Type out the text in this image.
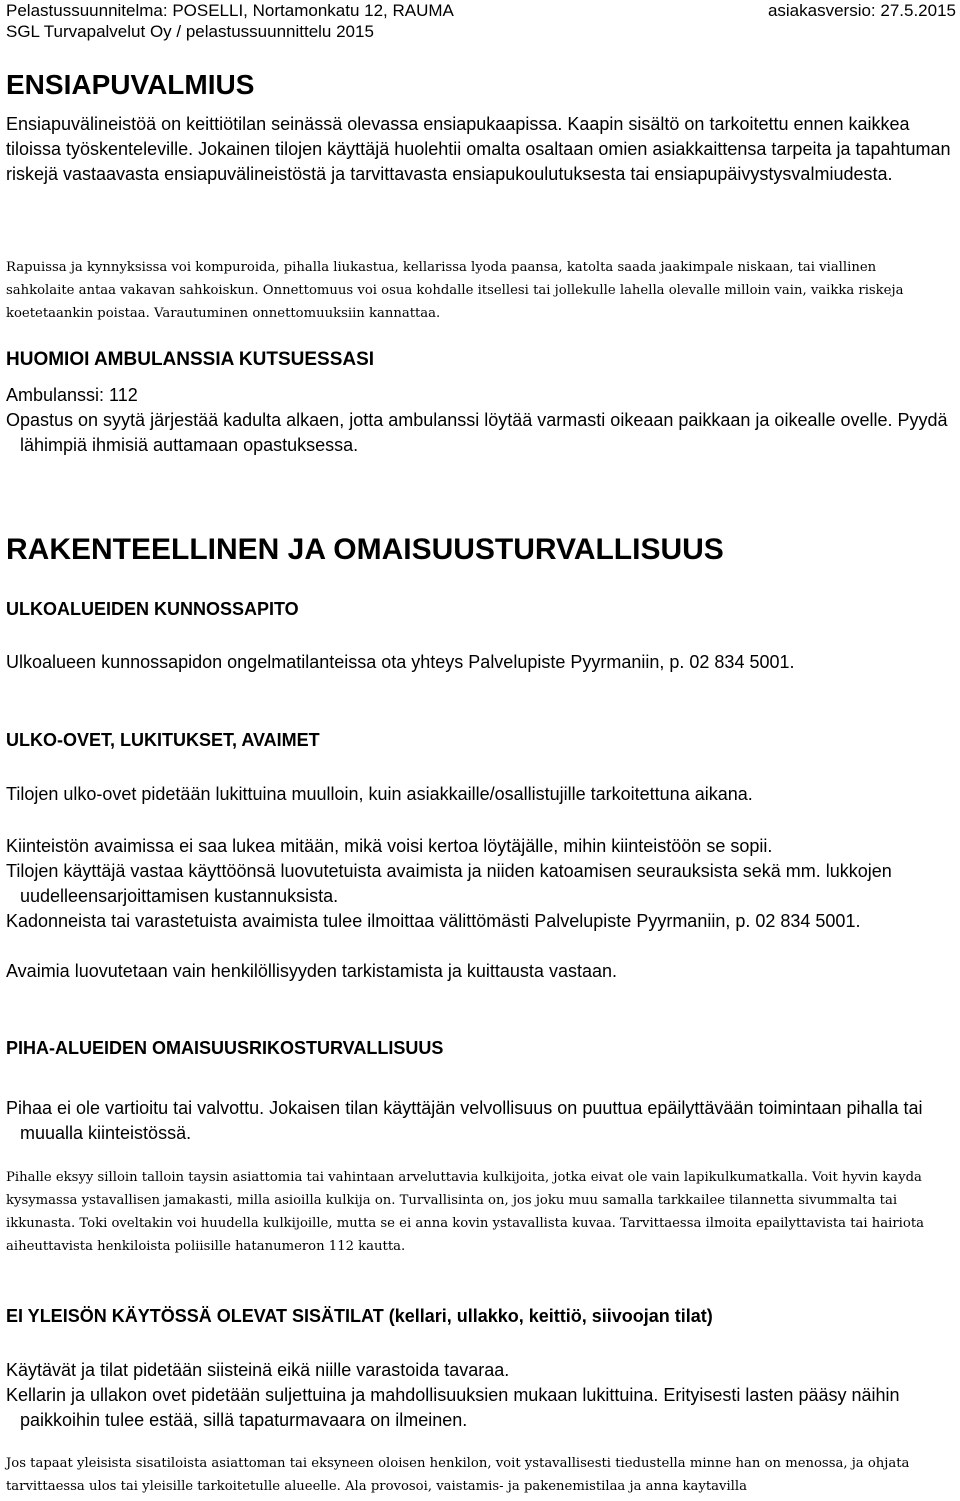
Pelastussuunnitelma: POSELLI, Nortamonkatu 12, RAUMA	asiakasversio: 27.5.2015
SGL Turvapalvelut Oy / pelastussuunnittelu 2015
ENSIAPUVALMIUS

Ensiapuvälineistöä on keittiötilan seinässä olevassa ensiapukaapissa. Kaapin sisältö on tarkoitettu ennen kaikkea tiloissa työskenteleville. Jokainen tilojen käyttäjä huolehtii omalta osaltaan omien asiakkaittensa tarpeita ja tapahtuman riskejä vastaavasta ensiapuvälineistöstä ja tarvittavasta ensiapukoulutuksesta tai ensiapupäivystysvalmiudesta.

Rapuissa ja kynnyksissa voi kompuroida, pihalla liukastua, kellarissa lyoda paansa, katolta saada jaakimpale niskaan, tai viallinen sahkolaite antaa vakavan sahkoiskun. Onnettomuus voi osua kohdalle itsellesi tai jollekulle lahella olevalle milloin vain, vaikka riskeja koetetaankin poistaa. Varautuminen onnettomuuksiin kannattaa.

HUOMIOI AMBULANSSIA KUTSUESSASI
Ambulanssi: 112

Opastus on syytä järjestää kadulta alkaen, jotta ambulanssi löytää varmasti oikeaan paikkaan ja oikealle ovelle. Pyydä lähimpiä ihmisiä auttamaan opastuksessa.

RAKENTEELLINEN JA OMAISUUSTURVALLISUUS
ULKOALUEIDEN KUNNOSSAPITO
Ulkoalueen kunnossapidon ongelmatilanteissa ota yhteys Palvelupiste Pyyrmaniin, p. 02 834 5001.
ULKO-OVET, LUKITUKSET, AVAIMET
Tilojen ulko-ovet pidetään lukittuina muulloin, kuin asiakkaille/osallistujille tarkoitettuna aikana.
Kiinteistön avaimissa ei saa lukea mitään, mikä voisi kertoa löytäjälle, mihin kiinteistöön se sopii.

Tilojen käyttäjä vastaa käyttöönsä luovutetuista avaimista ja niiden katoamisen seurauksista sekä mm. lukkojen uudelleensarjoittamisen kustannuksista.

Kadonneista tai varastetuista avaimista tulee ilmoittaa välittömästi Palvelupiste Pyyrmaniin, p. 02 834 5001.

Avaimia luovutetaan vain henkilöllisyyden tarkistamista ja kuittausta vastaan.
PIHA-ALUEIDEN OMAISUUSRIKOSTURVALLISUUS

Pihaa ei ole vartioitu tai valvottu. Jokaisen tilan käyttäjän velvollisuus on puuttua epäilyttävään toimintaan pihalla tai muualla kiinteistössä.

Pihalle eksyy silloin talloin taysin asiattomia tai vahintaan arveluttavia kulkijoita, jotka eivat ole vain lapikulkumatkalla. Voit hyvin kayda kysymassa ystavallisen jamakasti, milla asioilla kulkija on. Turvallisinta on, jos joku muu samalla tarkkailee tilannetta sivummalta tai ikkunasta. Toki oveltakin voi huudella kulkijoille, mutta se ei anna kovin ystavallista kuvaa. Tarvittaessa ilmoita epailyttavista tai hairiota aiheuttavista henkiloista poliisille hatanumeron 112 kautta.

EI YLEISÖN KÄYTÖSSÄ OLEVAT SISÄTILAT (kellari, ullakko, keittiö, siivoojan tilat)
Käytävät ja tilat pidetään siisteinä eikä niille varastoida tavaraa.

Kellarin ja ullakon ovet pidetään suljettuina ja mahdollisuuksien mukaan lukittuina. Erityisesti lasten pääsy näihin paikkoihin tulee estää, sillä tapaturmavaara on ilmeinen.

Jos tapaat yleisista sisatiloista asiattoman tai eksyneen oloisen henkilon, voit ystavallisesti tiedustella minne han on menossa, ja ohjata tarvittaessa ulos tai yleisille tarkoitetulle alueelle. Ala provosoi, vaistamis- ja pakenemistilaa ja anna kaytavilla
